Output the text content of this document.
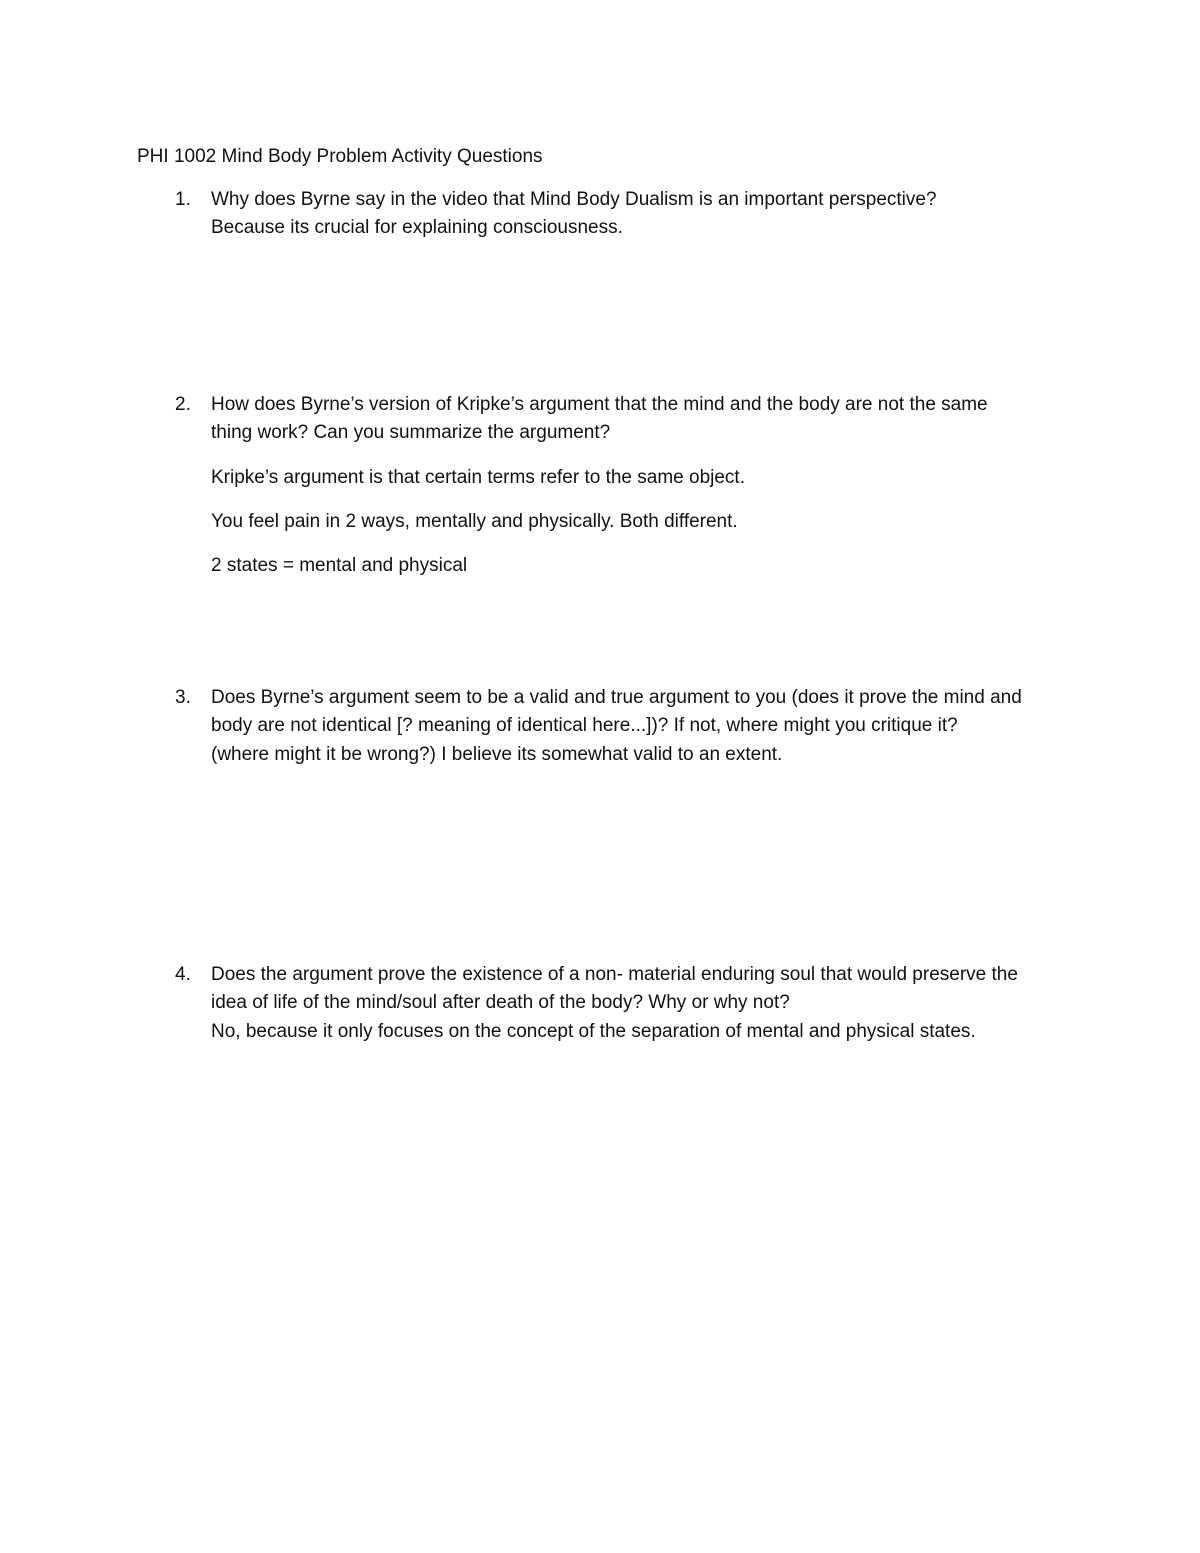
PHI 1002 Mind Body Problem Activity Questions
1. Why does Byrne say in the video that Mind Body Dualism is an important perspective?
Because its crucial for explaining consciousness.
2. How does Byrne’s version of Kripke’s argument that the mind and the body are not the same
thing work? Can you summarize the argument?
Kripke’s argument is that certain terms refer to the same object.
You feel pain in 2 ways, mentally and physically. Both different.
2 states = mental and physical
3. Does Byrne’s argument seem to be a valid and true argument to you (does it prove the mind and
body are not identical [? meaning of identical here...])? If not, where might you critique it?
(where might it be wrong?) I believe its somewhat valid to an extent.
4. Does the argument prove the existence of a non- material enduring soul that would preserve the
idea of life of the mind/soul after death of the body? Why or why not?
No, because it only focuses on the concept of the separation of mental and physical states.
